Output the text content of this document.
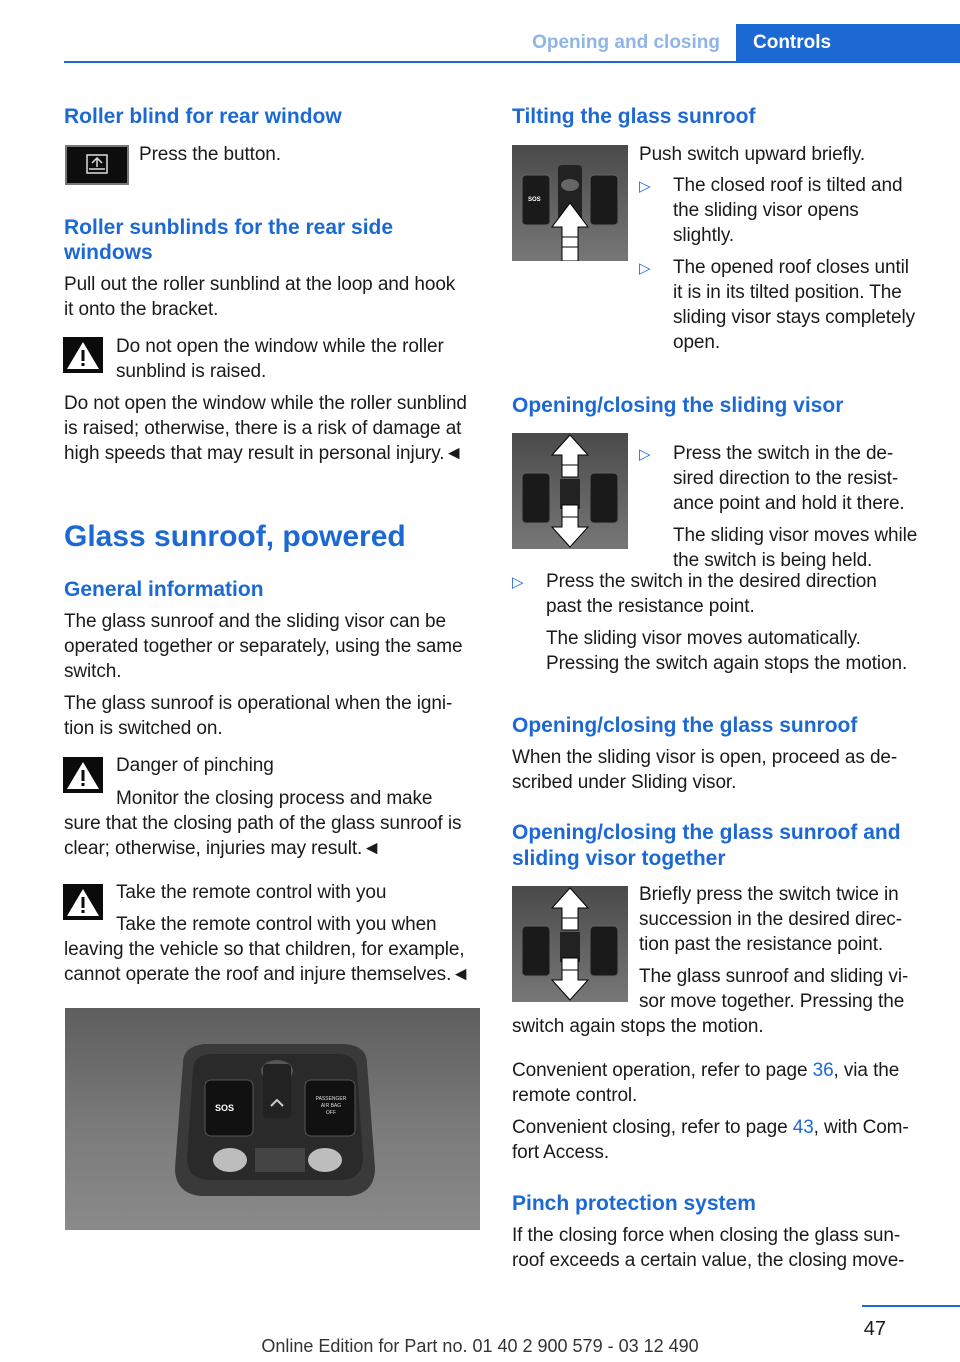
Opening and closing	Controls
Roller blind for rear window
Press the button.
Roller sunblinds for the rear side
windows
Pull out the roller sunblind at the loop and hook
it onto the bracket.
Do not open the window while the roller
sunblind is raised.
Do not open the window while the roller sunblind
is raised; otherwise, there is a risk of damage at
high speeds that may result in personal injury.◄
Glass sunroof, powered
General information
The glass sunroof and the sliding visor can be
operated together or separately, using the same
switch.
The glass sunroof is operational when the igni-
tion is switched on.
Danger of pinching
Monitor the closing process and make
sure that the closing path of the glass sunroof is
clear; otherwise, injuries may result.◄
Take the remote control with you
Take the remote control with you when
leaving the vehicle so that children, for example,
cannot operate the roof and injure themselves.◄
SOS
PASSENGER
AIR BAG
OFF
Tilting the glass sunroof
Push switch upward briefly.
SOS
▷ The closed roof is tilted and
the sliding visor opens
slightly.
▷ The opened roof closes until
it is in its tilted position. The
sliding visor stays completely
open.
Opening/closing the sliding visor
▷ Press the switch in the de-
sired direction to the resist-
ance point and hold it there.
The sliding visor moves while
the switch is being held.
▷ Press the switch in the desired direction
past the resistance point.
The sliding visor moves automatically.
Pressing the switch again stops the motion.
Opening/closing the glass sunroof
When the sliding visor is open, proceed as de-
scribed under Sliding visor.
Opening/closing the glass sunroof and
sliding visor together
Briefly press the switch twice in
succession in the desired direc-
tion past the resistance point.
The glass sunroof and sliding vi-
sor move together. Pressing the
switch again stops the motion.
Convenient operation, refer to page 36, via the
remote control.
Convenient closing, refer to page 43, with Com-
fort Access.
Pinch protection system
If the closing force when closing the glass sun-
roof exceeds a certain value, the closing move-
47
Online Edition for Part no. 01 40 2 900 579 - 03 12 490
